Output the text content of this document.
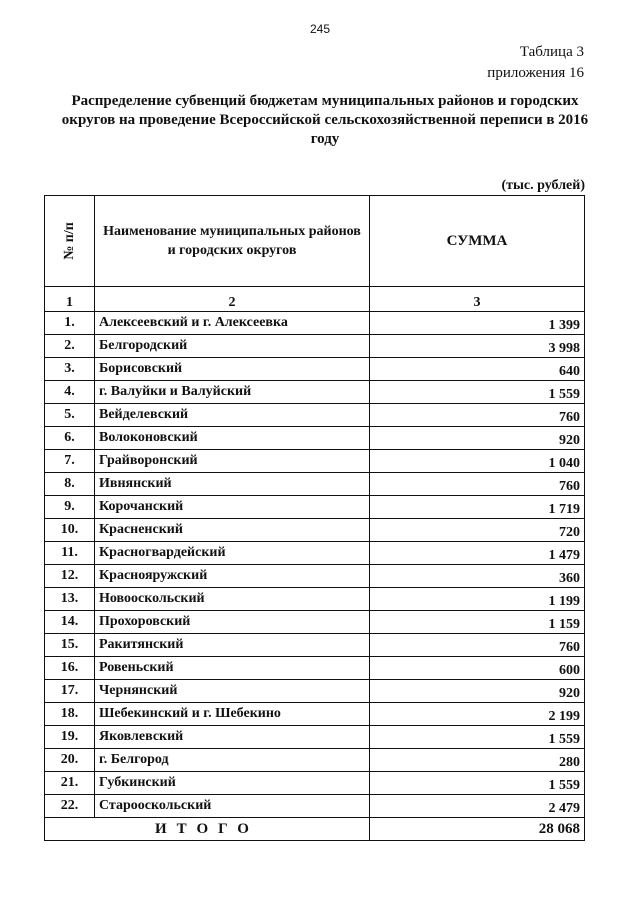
245
Таблица 3
приложения 16
Распределение субвенций бюджетам муниципальных районов и городских округов на проведение Всероссийской сельскохозяйственной переписи в 2016 году
(тыс. рублей)
№ п/п	Наименование муниципальных районов и городских округов	СУММА
1	2	3
1.	Алексеевский и г. Алексеевка	1 399
2.	Белгородский	3 998
3.	Борисовский	640
4.	г. Валуйки и Валуйский	1 559
5.	Вейделевский	760
6.	Волоконовский	920
7.	Грайворонский	1 040
8.	Ивнянский	760
9.	Корочанский	1 719
10.	Красненский	720
11.	Красногвардейский	1 479
12.	Краснояружский	360
13.	Новооскольский	1 199
14.	Прохоровский	1 159
15.	Ракитянский	760
16.	Ровеньский	600
17.	Чернянский	920
18.	Шебекинский и г. Шебекино	2 199
19.	Яковлевский	1 559
20.	г. Белгород	280
21.	Губкинский	1 559
22.	Старооскольский	2 479
ИТОГО		28 068
